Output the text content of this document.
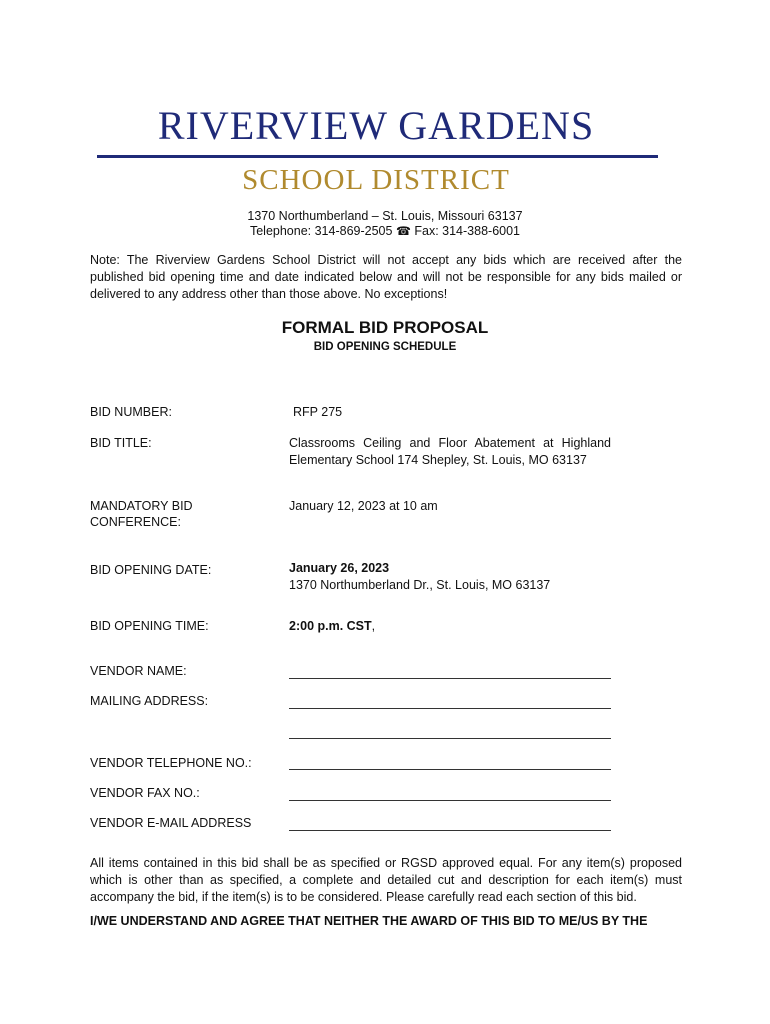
RIVERVIEW GARDENS
SCHOOL DISTRICT
1370 Northumberland – St. Louis, Missouri 63137
Telephone: 314-869-2505 ☎ Fax: 314-388-6001
Note: The Riverview Gardens School District will not accept any bids which are received after the published bid opening time and date indicated below and will not be responsible for any bids mailed or delivered to any address other than those above. No exceptions!
FORMAL BID PROPOSAL
BID OPENING SCHEDULE
BID NUMBER:	RFP 275
BID TITLE:	Classrooms Ceiling and Floor Abatement at Highland Elementary School 174 Shepley, St. Louis, MO 63137
MANDATORY BID
CONFERENCE:
January 12, 2023 at 10 am
BID OPENING DATE:	January 26, 2023
1370 Northumberland Dr., St. Louis, MO 63137
BID OPENING TIME:	2:00 p.m. CST,
VENDOR NAME:
MAILING ADDRESS:
VENDOR TELEPHONE NO.:
VENDOR FAX NO.:
VENDOR E-MAIL ADDRESS
All items contained in this bid shall be as specified or RGSD approved equal. For any item(s) proposed which is other than as specified, a complete and detailed cut and description for each item(s) must accompany the bid, if the item(s) is to be considered. Please carefully read each section of this bid.
I/WE UNDERSTAND AND AGREE THAT NEITHER THE AWARD OF THIS BID TO ME/US BY THE
